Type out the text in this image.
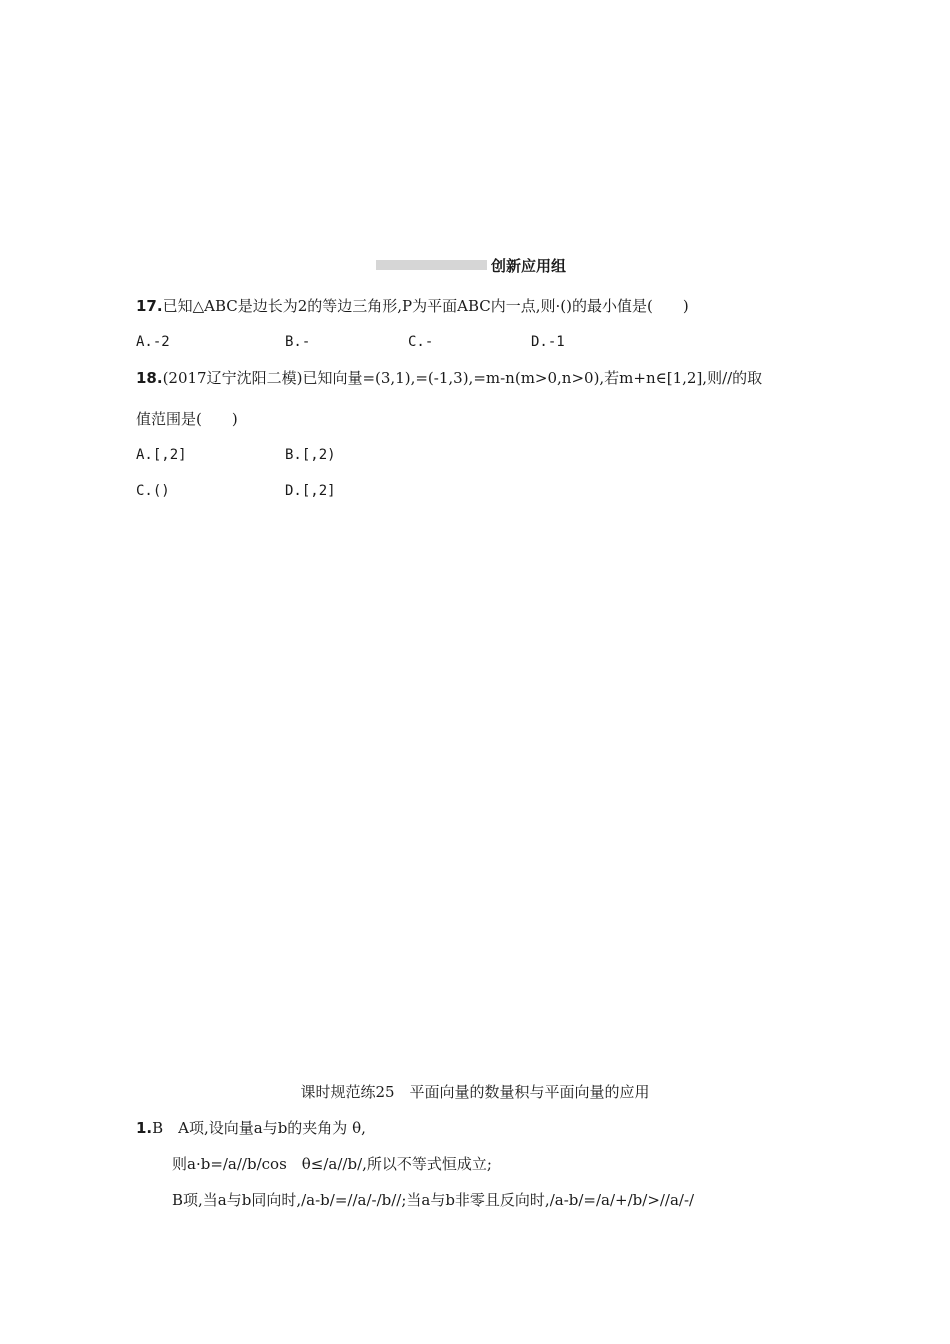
创新应用组
17.已知△ABC是边长为2的等边三角形,P为平面ABC内一点,则·()的最小值是(　　)
A.-2	B.-	C.-	D.-1
18.(2017辽宁沈阳二模)已知向量=(3,1),=(-1,3),=m-n(m>0,n>0),若m+n∈[1,2],则//的取
值范围是(　　)
A.[,2]	B.[,2)
C.()	D.[,2]
课时规范练25　平面向量的数量积与平面向量的应用
1.B　A项,设向量a与b的夹角为 θ,
则a·b=/a//b/cos　θ≤/a//b/,所以不等式恒成立;
B项,当a与b同向时,/a-b/=//a/-/b//;当a与b非零且反向时,/a-b/=/a/+/b/>//a/-/
